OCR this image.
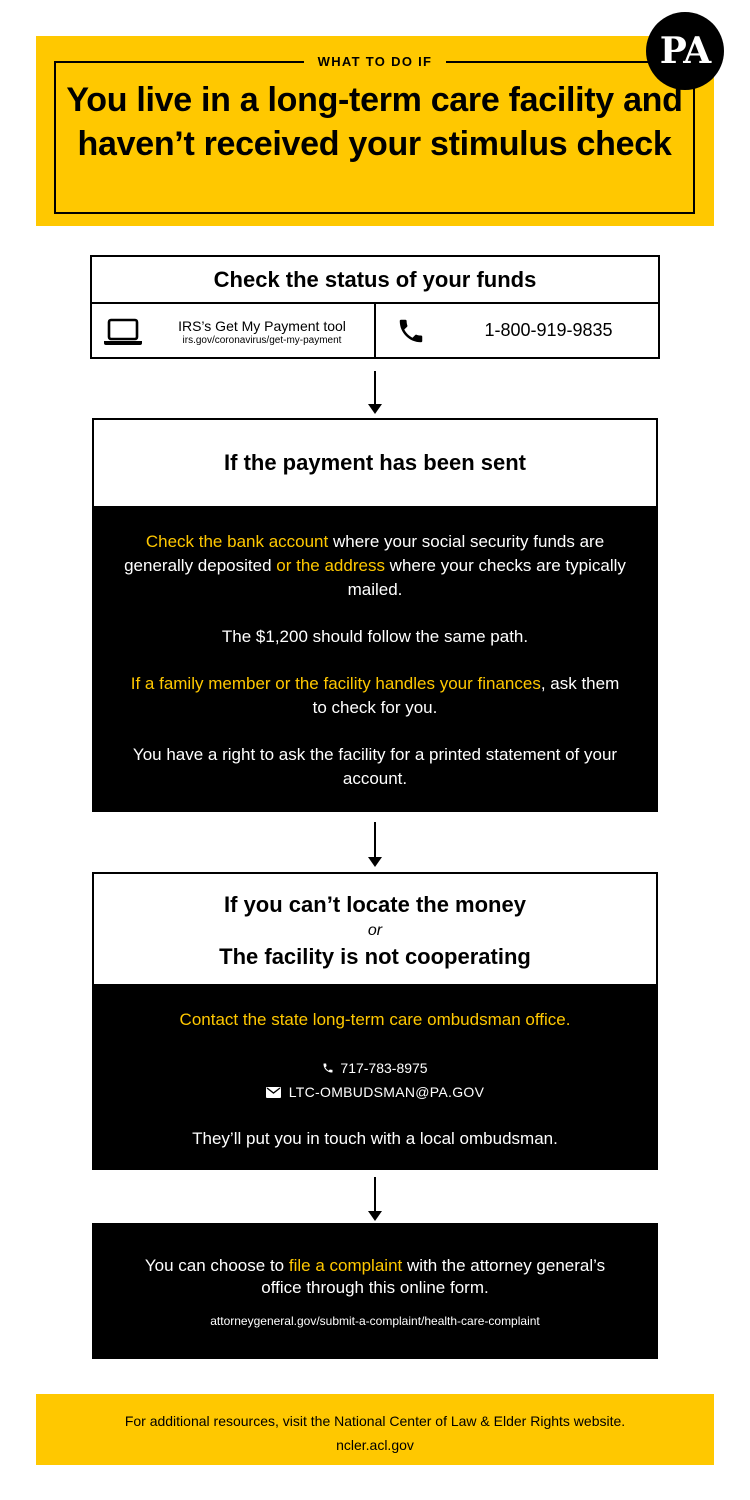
WHAT TO DO IF
You live in a long-term care facility and haven’t received your stimulus check
PA
Check the status of your funds
IRS’s Get My Payment tool
irs.gov/coronavirus/get-my-payment
1-800-919-9835
If the payment has been sent

Check the bank account where your social security funds are generally deposited or the address where your checks are typically mailed.

The $1,200 should follow the same path.

If a family member or the facility handles your finances, ask them to check for you.

You have a right to ask the facility for a printed statement of your account.

If you can’t locate the money
or
The facility is not cooperating
Contact the state long-term care ombudsman office.
717-783-8975
LTC-OMBUDSMAN@PA.GOV
They’ll put you in touch with a local ombudsman.
You can choose to file a complaint with the attorney general’s office through this online form.
attorneygeneral.gov/submit-a-complaint/health-care-complaint
For additional resources, visit the National Center of Law & Elder Rights website.
ncler.acl.gov
